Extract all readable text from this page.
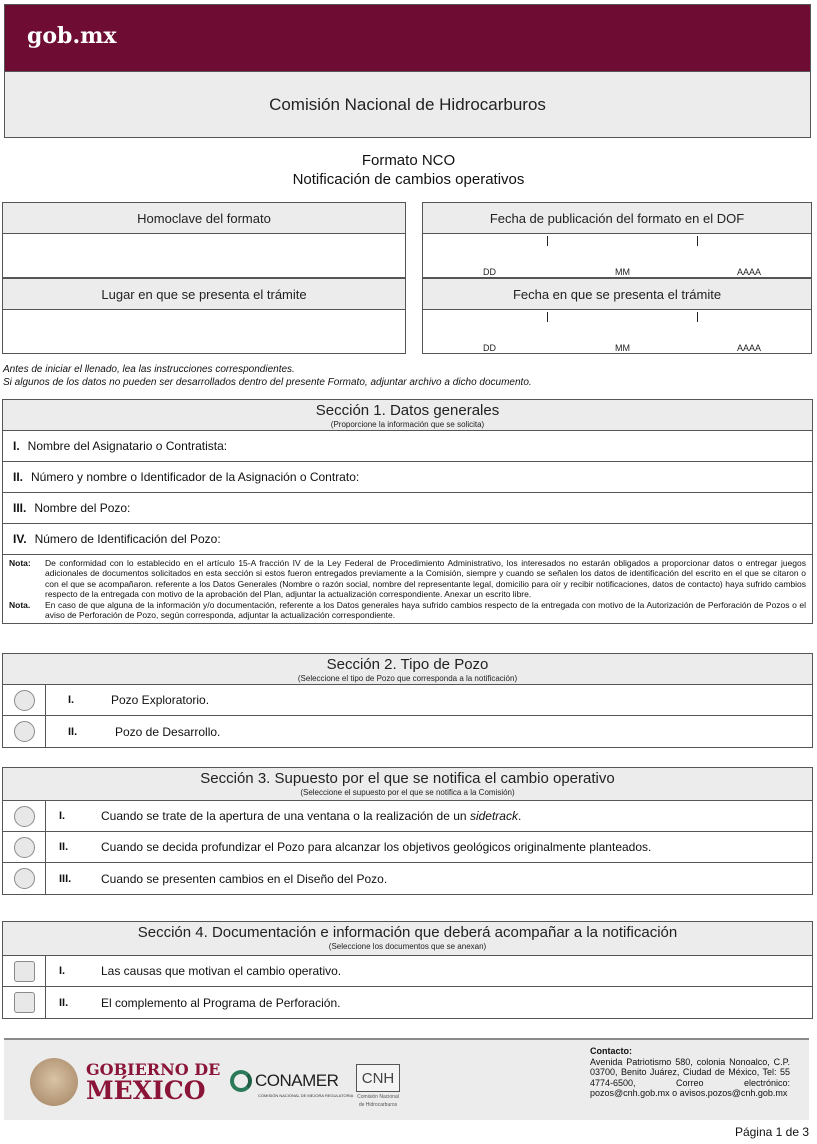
gob.mx
Comisión Nacional de Hidrocarburos
Formato NCO
Notificación de cambios operativos
Homoclave del formato	Fecha de publicación del formato en el DOF
DD	MM	AAAA
Lugar en que se presenta el trámite	Fecha en que se presenta el trámite
DD	MM	AAAA
Antes de iniciar el llenado, lea las instrucciones correspondientes.
Si algunos de los datos no pueden ser desarrollados dentro del presente Formato, adjuntar archivo a dicho documento.
Sección 1. Datos generales
(Proporcione la información que se solicita)
I. Nombre del Asignatario o Contratista:
II. Número y nombre o Identificador de la Asignación o Contrato:
III. Nombre del Pozo:
IV. Número de Identificación del Pozo:
Nota:	De conformidad con lo establecido en el artículo 15-A fracción IV de la Ley Federal de Procedimiento Administrativo, los interesados no estarán obligados a proporcionar datos o entregar juegos adicionales de documentos solicitados en esta sección si estos fueron entregados previamente a la Comisión, siempre y cuando se señalen los datos de identificación del escrito en el que se citaron o con el que se acompañaron. referente a los Datos Generales (Nombre o razón social, nombre del representante legal, domicilio para oír y recibir notificaciones, datos de contacto) haya sufrido cambios respecto de la entregada con motivo de la aprobación del Plan, adjuntar la actualización correspondiente. Anexar un escrito libre.
Nota.	En caso de que alguna de la información y/o documentación, referente a los Datos generales haya sufrido cambios respecto de la entregada con motivo de la Autorización de Perforación de Pozos o el aviso de Perforación de Pozo, según corresponda, adjuntar la actualización correspondiente.
Sección 2. Tipo de Pozo
(Seleccione el tipo de Pozo que corresponda a la notificación)
I.	Pozo Exploratorio.
II.	Pozo de Desarrollo.
Sección 3. Supuesto por el que se notifica el cambio operativo
(Seleccione el supuesto por el que se notifica a la Comisión)
I.	Cuando se trate de la apertura de una ventana o la realización de un sidetrack.
II.	Cuando se decida profundizar el Pozo para alcanzar los objetivos geológicos originalmente planteados.
III.	Cuando se presenten cambios en el Diseño del Pozo.
Sección 4. Documentación e información que deberá acompañar a la notificación
(Seleccione los documentos que se anexan)
I.	Las causas que motivan el cambio operativo.
II.	El complemento al Programa de Perforación.
GOBIERNO DE
MÉXICO	CONAMER
COMISIÓN NACIONAL DE MEJORA REGULATORIA
CNH
Comisión Nacional
de Hidrocarburos
Contacto:
Avenida Patriotismo 580, colonia Nonoalco, C.P. 03700, Benito Juárez, Ciudad de México, Tel: 55 4774-6500, Correo electrónico: pozos@cnh.gob.mx o avisos.pozos@cnh.gob.mx
Página 1 de 3
